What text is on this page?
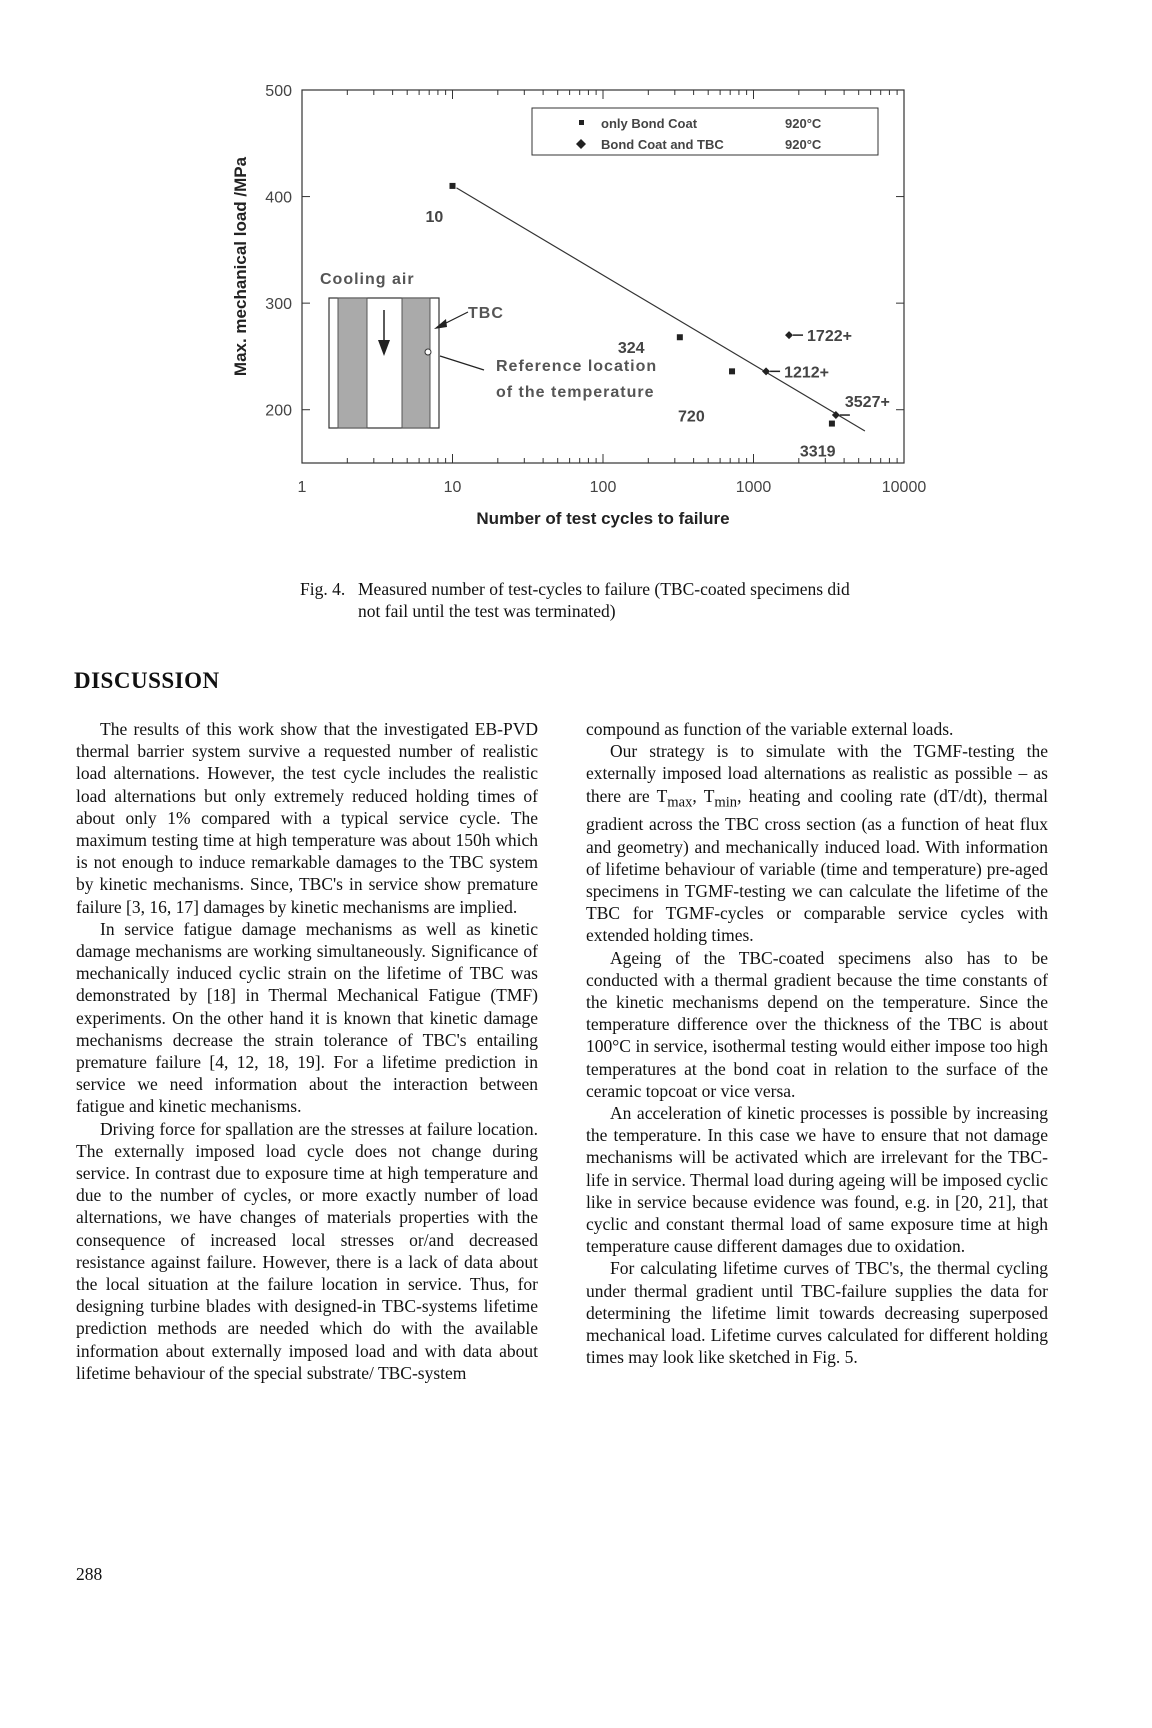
1	10	100	1000	10000
200
300
400
500
Number of test cycles to failure
Max. mechanical load /MPa
only Bond Coat	920°C
Bond Coat and TBC	920°C
10
324
720
3319
1722+
1212+
3527+
Cooling air
TBC
Reference location
of the temperature
Fig. 4. Measured number of test-cycles to failure (TBC-coated specimens did not fail until the test was terminated)
DISCUSSION

The results of this work show that the investigated EB-PVD thermal barrier system survive a requested number of realistic load alternations. However, the test cycle includes the realistic load alternations but only extremely reduced holding times of about only 1% compared with a typical service cycle. The maximum testing time at high temperature was about 150h which is not enough to induce remarkable damages to the TBC system by kinetic mechanisms. Since, TBC's in service show premature failure [3, 16, 17] damages by kinetic mechanisms are implied.

In service fatigue damage mechanisms as well as kinetic damage mechanisms are working simultaneously. Significance of mechanically induced cyclic strain on the lifetime of TBC was demonstrated by [18] in Thermal Mechanical Fatigue (TMF) experiments. On the other hand it is known that kinetic damage mechanisms decrease the strain tolerance of TBC's entailing premature failure [4, 12, 18, 19]. For a lifetime prediction in service we need information about the interaction between fatigue and kinetic mechanisms.

Driving force for spallation are the stresses at failure location. The externally imposed load cycle does not change during service. In contrast due to exposure time at high temperature and due to the number of cycles, or more exactly number of load alternations, we have changes of materials properties with the consequence of increased local stresses or/and decreased resistance against failure. However, there is a lack of data about the local situation at the failure location in service. Thus, for designing turbine blades with designed-in TBC-systems lifetime prediction methods are needed which do with the available information about externally imposed load and with data about lifetime behaviour of the special substrate/ TBC-system

compound as function of the variable external loads.

Our strategy is to simulate with the TGMF-testing the externally imposed load alternations as realistic as possible – as there are $T_{max}$, $T_{min}$, heating and cooling rate (dT/dt), thermal gradient across the TBC cross section (as a function of heat flux and geometry) and mechanically induced load. With information of lifetime behaviour of variable (time and temperature) pre-aged specimens in TGMF-testing we can calculate the lifetime of the TBC for TGMF-cycles or comparable service cycles with extended holding times.

Ageing of the TBC-coated specimens also has to be conducted with a thermal gradient because the time constants of the kinetic mechanisms depend on the temperature. Since the temperature difference over the thickness of the TBC is about 100°C in service, isothermal testing would either impose too high temperatures at the bond coat in relation to the surface of the ceramic topcoat or vice versa.

An acceleration of kinetic processes is possible by increasing the temperature. In this case we have to ensure that not damage mechanisms will be activated which are irrelevant for the TBC-life in service. Thermal load during ageing will be imposed cyclic like in service because evidence was found, e.g. in [20, 21], that cyclic and constant thermal load of same exposure time at high temperature cause different damages due to oxidation.

For calculating lifetime curves of TBC's, the thermal cycling under thermal gradient until TBC-failure supplies the data for determining the lifetime limit towards decreasing superposed mechanical load. Lifetime curves calculated for different holding times may look like sketched in Fig. 5.

288
